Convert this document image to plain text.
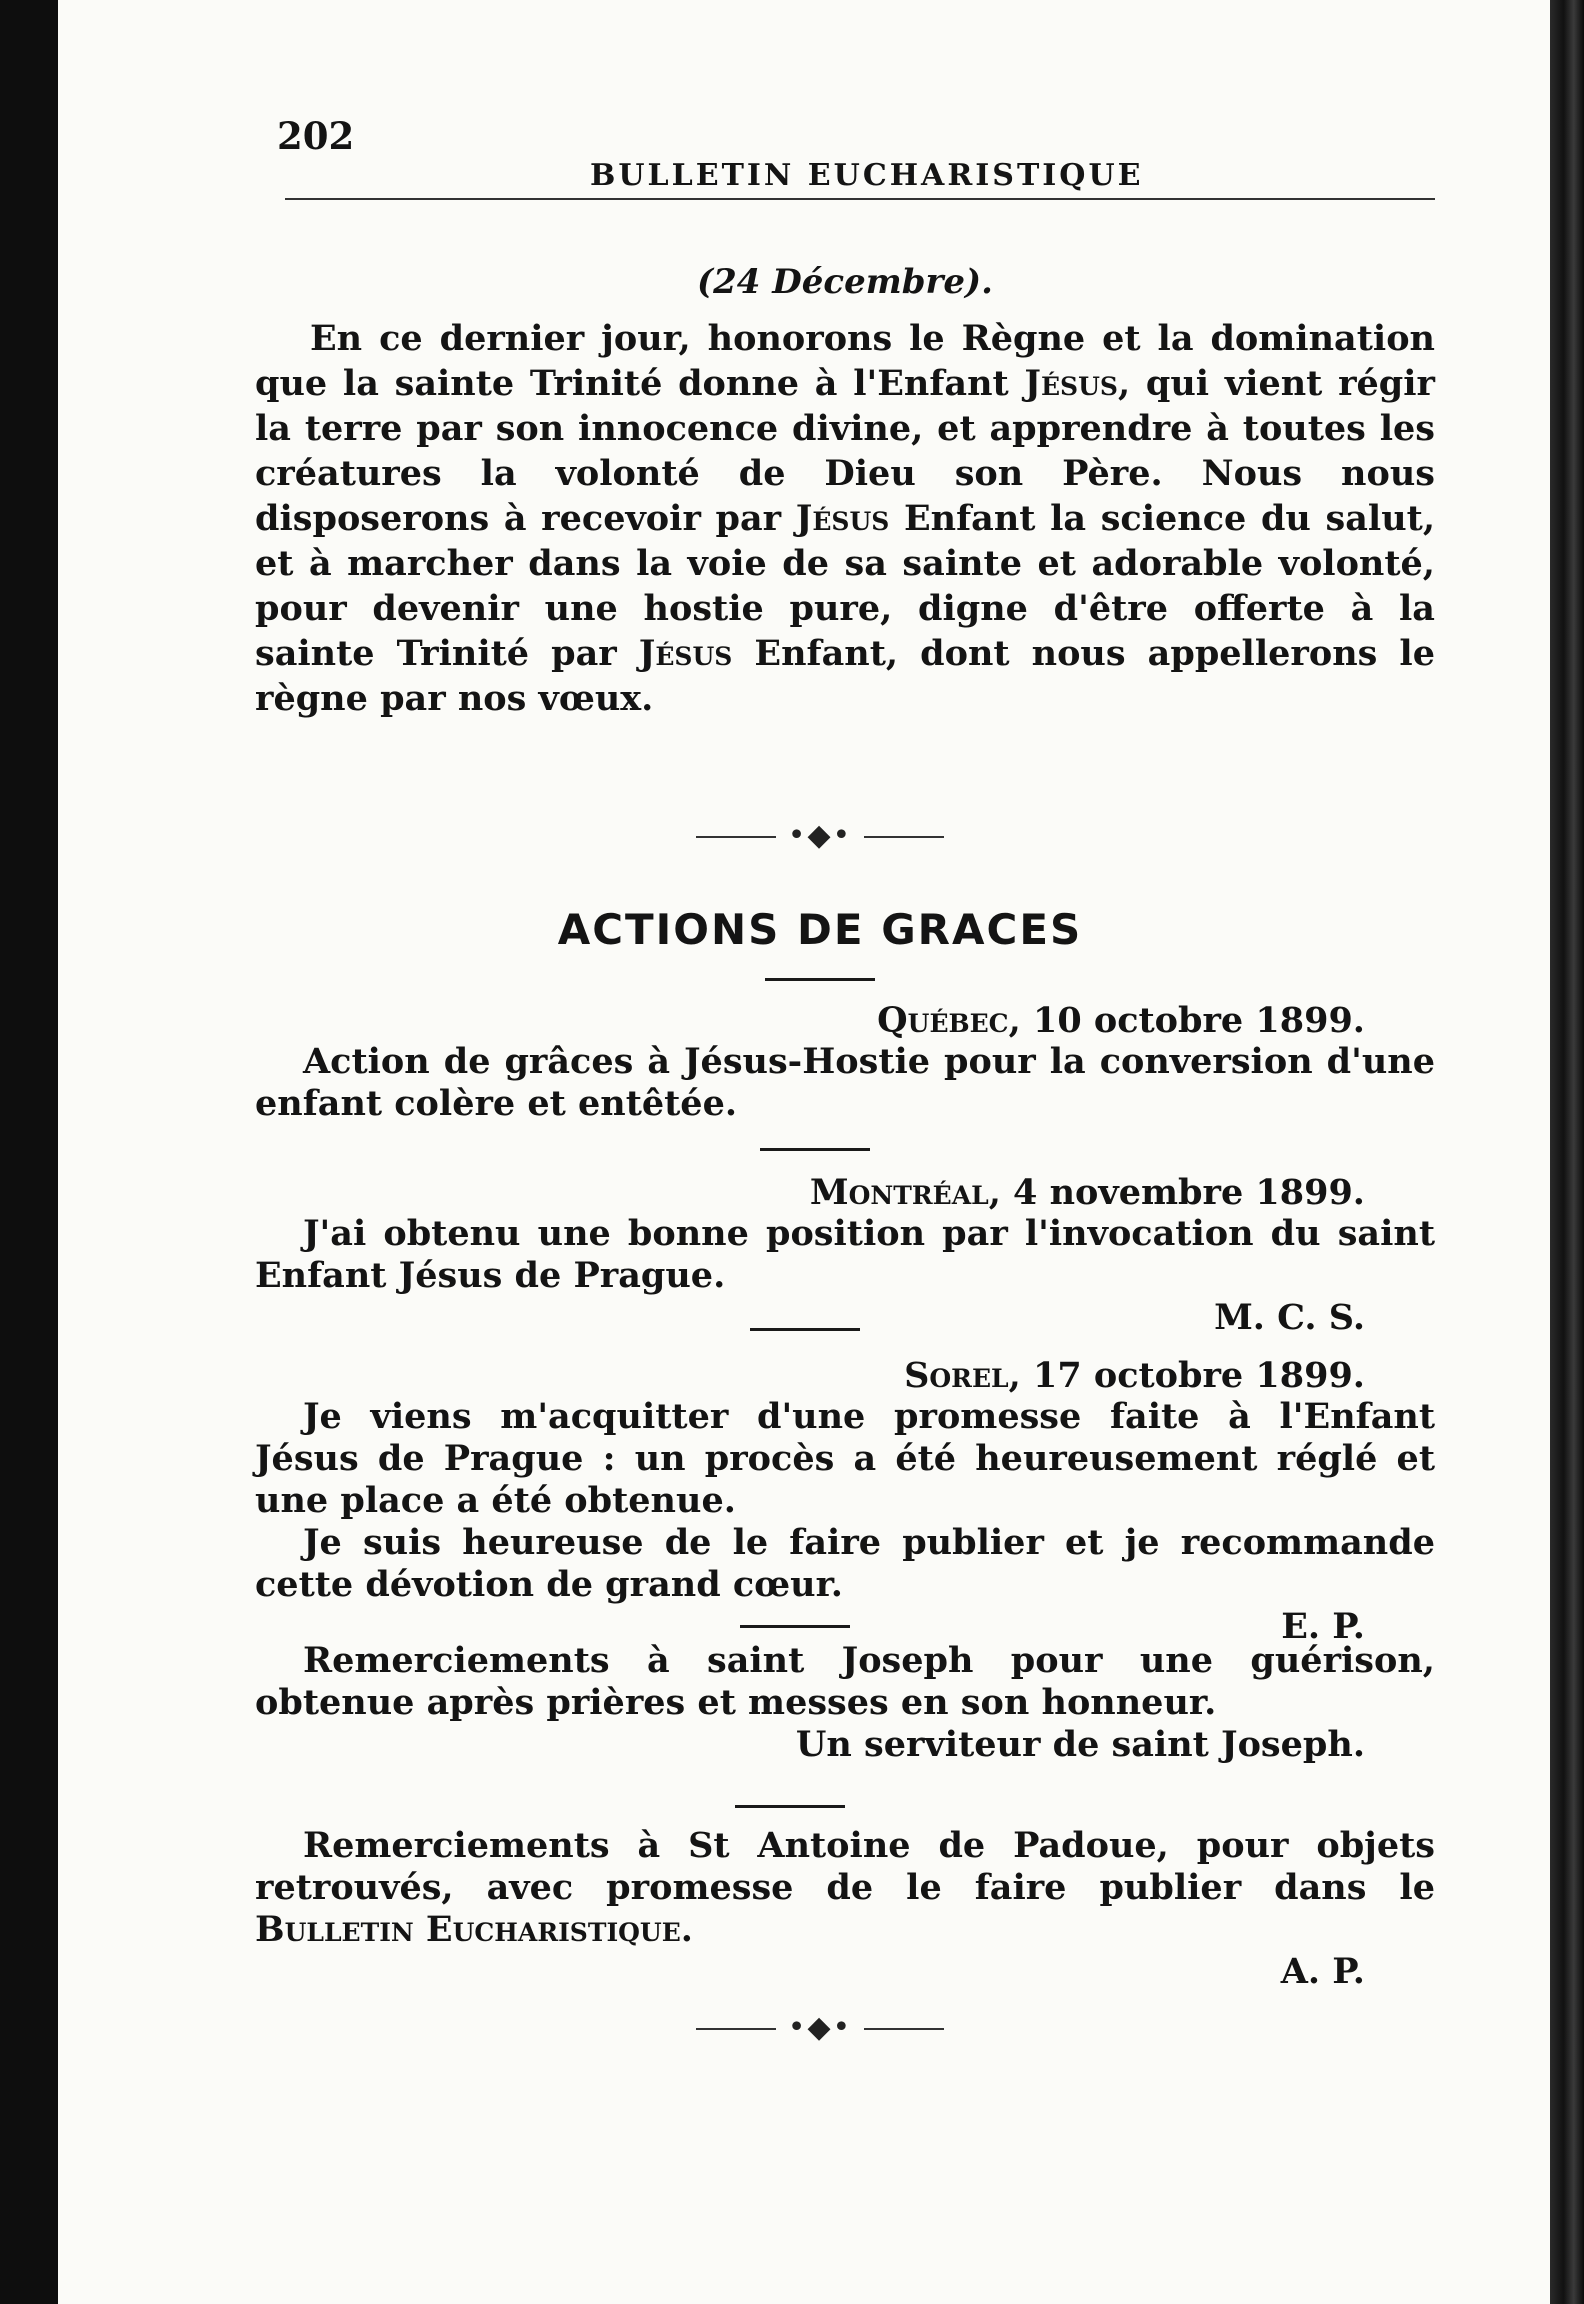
202
BULLETIN EUCHARISTIQUE

(24 Décembre).

En ce dernier jour, honorons le Règne et la domination que la sainte Trinité donne à l'Enfant Jésus, qui vient régir la terre par son innocence divine, et apprendre à toutes les créatures la volonté de Dieu son Père. Nous nous disposerons à recevoir par Jésus Enfant la science du salut, et à marcher dans la voie de sa sainte et adorable volonté, pour devenir une hostie pure, digne d'être offerte à la sainte Trinité par Jésus Enfant, dont nous appellerons le règne par nos vœux.

•◆•
ACTIONS DE GRACES

Québec, 10 octobre 1899.

Action de grâces à Jésus-Hostie pour la conversion d'une enfant colère et entêtée.

Montréal, 4 novembre 1899.

J'ai obtenu une bonne position par l'invocation du saint Enfant Jésus de Prague.

M. C. S.

Sorel, 17 octobre 1899.

Je viens m'acquitter d'une promesse faite à l'Enfant Jésus de Prague : un procès a été heureusement réglé et une place a été obtenue.

Je suis heureuse de le faire publier et je recommande cette dévotion de grand cœur.

E. P.

Remerciements à saint Joseph pour une guérison, obtenue après prières et messes en son honneur.

Un serviteur de saint Joseph.

Remerciements à St Antoine de Padoue, pour objets retrouvés, avec promesse de le faire publier dans le Bulletin Eucharistique.

A. P.

•◆•
